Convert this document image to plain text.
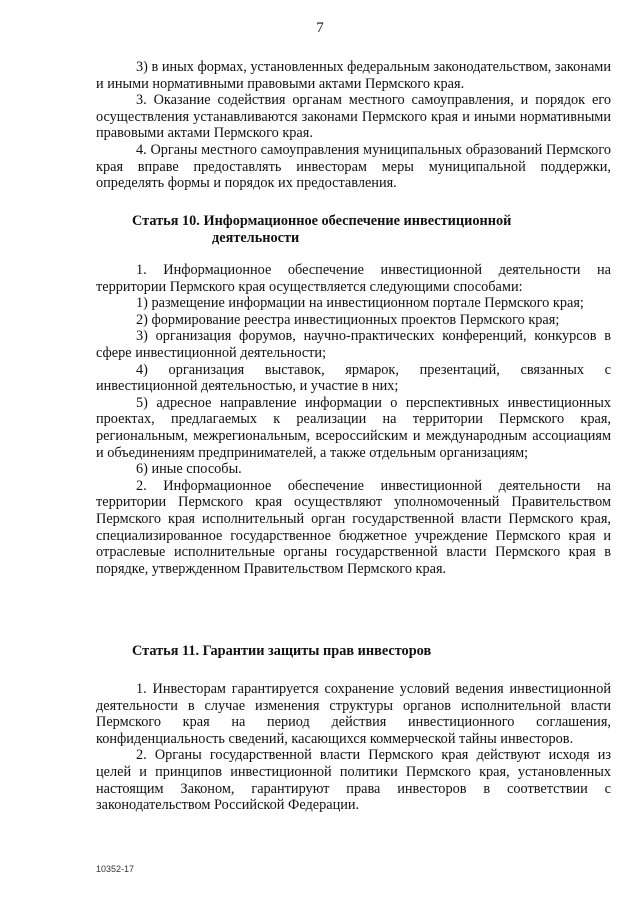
7

3) в иных формах, установленных федеральным законодательством, законами и иными нормативными правовыми актами Пермского края.

3. Оказание содействия органам местного самоуправления, и порядок его осуществления устанавливаются законами Пермского края и иными нормативными правовыми актами Пермского края.

4. Органы местного самоуправления муниципальных образований Пермского края вправе предоставлять инвесторам меры муниципальной поддержки, определять формы и порядок их предоставления.

Статья 10. Информационное обеспечение инвестиционной
деятельности

1. Информационное обеспечение инвестиционной деятельности на территории Пермского края осуществляется следующими способами:

1) размещение информации на инвестиционном портале Пермского края;

2) формирование реестра инвестиционных проектов Пермского края;

3) организация форумов, научно-практических конференций, конкурсов в сфере инвестиционной деятельности;

4) организация выставок, ярмарок, презентаций, связанных с инвестиционной деятельностью, и участие в них;

5) адресное направление информации о перспективных инвестиционных проектах, предлагаемых к реализации на территории Пермского края, региональным, межрегиональным, всероссийским и международным ассоциациям и объединениям предпринимателей, а также отдельным организациям;

6) иные способы.

2. Информационное обеспечение инвестиционной деятельности на территории Пермского края осуществляют уполномоченный Правительством Пермского края исполнительный орган государственной власти Пермского края, специализированное государственное бюджетное учреждение Пермского края и отраслевые исполнительные органы государственной власти Пермского края в порядке, утвержденном Правительством Пермского края.

Статья 11. Гарантии защиты прав инвесторов

1. Инвесторам гарантируется сохранение условий ведения инвестиционной деятельности в случае изменения структуры органов исполнительной власти Пермского края на период действия инвестиционного соглашения, конфиденциальность сведений, касающихся коммерческой тайны инвесторов.

2. Органы государственной власти Пермского края действуют исходя из целей и принципов инвестиционной политики Пермского края, установленных настоящим Законом, гарантируют права инвесторов в соответствии с законодательством Российской Федерации.

10352-17
